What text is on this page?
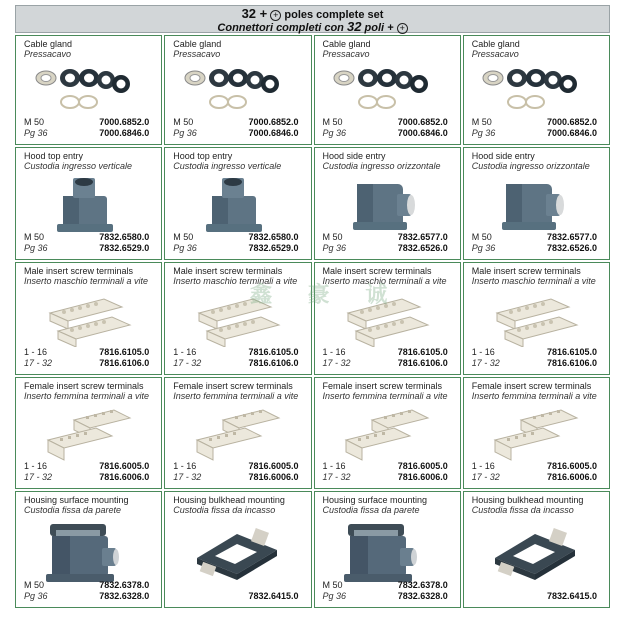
32 + + poles complete set
Connettori completi con 32 poli + +
Cable gland
Pressacavo
M 50	7000.6852.0
Pg 36	7000.6846.0
Cable gland
Pressacavo
M 50	7000.6852.0
Pg 36	7000.6846.0
Cable gland
Pressacavo
M 50	7000.6852.0
Pg 36	7000.6846.0
Cable gland
Pressacavo
M 50	7000.6852.0
Pg 36	7000.6846.0
Hood top entry
Custodia ingresso verticale
M 50	7832.6580.0
Pg 36	7832.6529.0
Hood top entry
Custodia ingresso verticale
M 50	7832.6580.0
Pg 36	7832.6529.0
Hood side entry
Custodia ingresso orizzontale
M 50	7832.6577.0
Pg 36	7832.6526.0
Hood side entry
Custodia ingresso orizzontale
M 50	7832.6577.0
Pg 36	7832.6526.0
Male insert screw terminals
Inserto maschio terminali a vite
1 - 16	7816.6105.0
17 - 32	7816.6106.0
Male insert screw terminals
Inserto maschio terminali a vite
1 - 16	7816.6105.0
17 - 32	7816.6106.0
Male insert screw terminals
Inserto maschio terminali a vite
1 - 16	7816.6105.0
17 - 32	7816.6106.0
Male insert screw terminals
Inserto maschio terminali a vite
1 - 16	7816.6105.0
17 - 32	7816.6106.0
Female insert screw terminals
Inserto femmina terminali a vite
1 - 16	7816.6005.0
17 - 32	7816.6006.0
Female insert screw terminals
Inserto femmina terminali a vite
1 - 16	7816.6005.0
17 - 32	7816.6006.0
Female insert screw terminals
Inserto femmina terminali a vite
1 - 16	7816.6005.0
17 - 32	7816.6006.0
Female insert screw terminals
Inserto femmina terminali a vite
1 - 16	7816.6005.0
17 - 32	7816.6006.0
Housing surface mounting
Custodia fissa da parete
M 50	7832.6378.0
Pg 36	7832.6328.0
Housing bulkhead mounting
Custodia fissa da incasso
7832.6415.0
Housing surface mounting
Custodia fissa da parete
M 50	7832.6378.0
Pg 36	7832.6328.0
Housing bulkhead mounting
Custodia fissa da incasso
7832.6415.0
鑫 豪 诚
